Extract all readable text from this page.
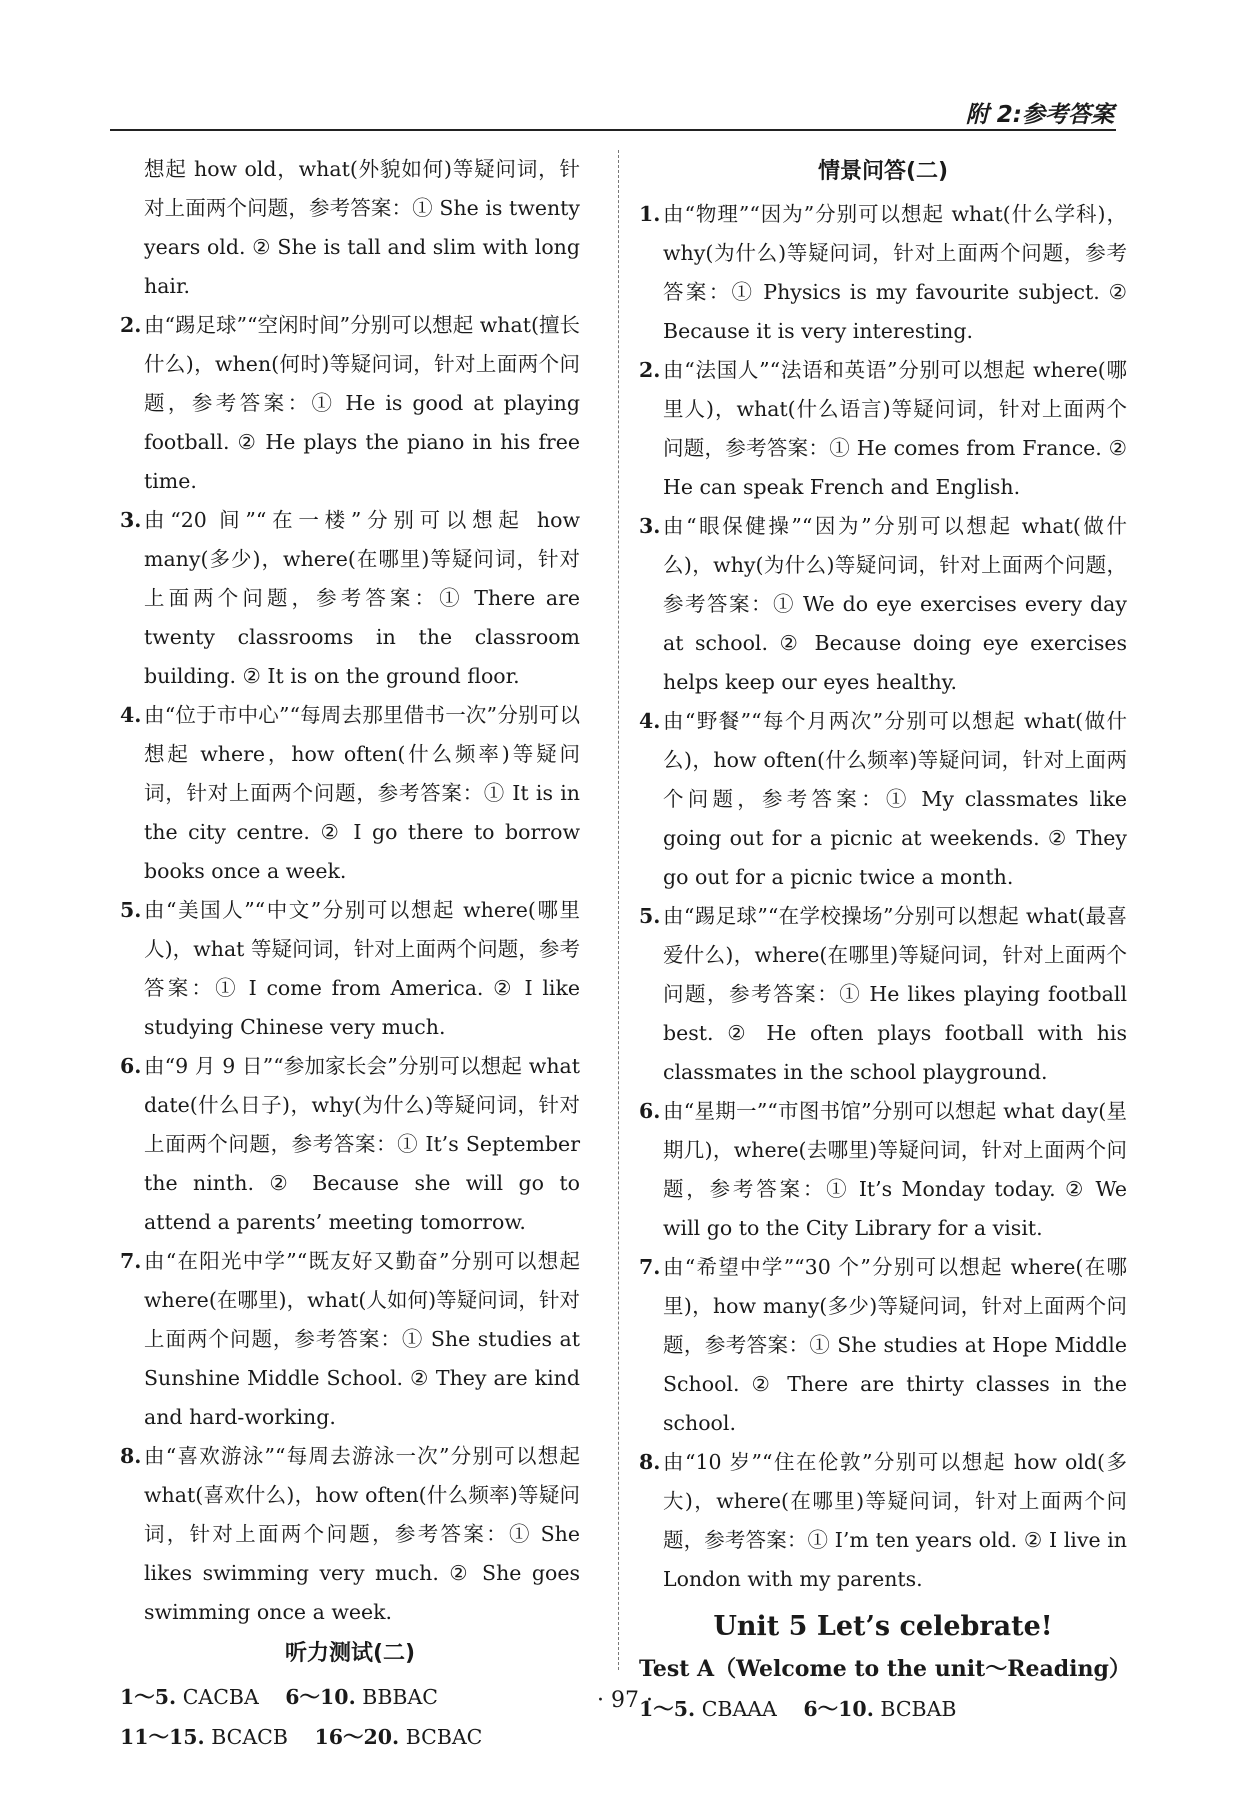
附 2:参考答案
想起 how old，what(外貌如何)等疑问词，针对上面两个问题，参考答案：① She is twenty years old. ② She is tall and slim with long hair.
2. 由“踢足球”“空闲时间”分别可以想起 what(擅长什么)，when(何时)等疑问词，针对上面两个问题，参考答案：① He is good at playing football. ② He plays the piano in his free time.
3. 由“20 间”“在一楼”分别可以想起 how many(多少)，where(在哪里)等疑问词，针对上面两个问题，参考答案：① There are twenty classrooms in the classroom building. ② It is on the ground floor.
4. 由“位于市中心”“每周去那里借书一次”分别可以想起 where，how often(什么频率)等疑问词，针对上面两个问题，参考答案：① It is in the city centre. ② I go there to borrow books once a week.
5. 由“美国人”“中文”分别可以想起 where(哪里人)，what 等疑问词，针对上面两个问题，参考答案：① I come from America. ② I like studying Chinese very much.
6. 由“9 月 9 日”“参加家长会”分别可以想起 what date(什么日子)，why(为什么)等疑问词，针对上面两个问题，参考答案：① It’s September the ninth. ② Because she will go to attend a parents’ meeting tomorrow.
7. 由“在阳光中学”“既友好又勤奋”分别可以想起 where(在哪里)，what(人如何)等疑问词，针对上面两个问题，参考答案：① She studies at Sunshine Middle School. ② They are kind and hard-working.
8. 由“喜欢游泳”“每周去游泳一次”分别可以想起 what(喜欢什么)，how often(什么频率)等疑问词，针对上面两个问题，参考答案：① She likes swimming very much. ② She goes swimming once a week.
听力测试(二)
1～5. CACBA 6～10. BBBAC
11～15. BCACB 16～20. BCBAC
情景问答(二)
1. 由“物理”“因为”分别可以想起 what(什么学科)，why(为什么)等疑问词，针对上面两个问题，参考答案：① Physics is my favourite subject. ② Because it is very interesting.
2. 由“法国人”“法语和英语”分别可以想起 where(哪里人)，what(什么语言)等疑问词，针对上面两个问题，参考答案：① He comes from France. ② He can speak French and English.
3. 由“眼保健操”“因为”分别可以想起 what(做什么)，why(为什么)等疑问词，针对上面两个问题，参考答案：① We do eye exercises every day at school. ② Because doing eye exercises helps keep our eyes healthy.
4. 由“野餐”“每个月两次”分别可以想起 what(做什么)，how often(什么频率)等疑问词，针对上面两个问题，参考答案：① My classmates like going out for a picnic at weekends. ② They go out for a picnic twice a month.
5. 由“踢足球”“在学校操场”分别可以想起 what(最喜爱什么)，where(在哪里)等疑问词，针对上面两个问题，参考答案：① He likes playing football best. ② He often plays football with his classmates in the school playground.
6. 由“星期一”“市图书馆”分别可以想起 what day(星期几)，where(去哪里)等疑问词，针对上面两个问题，参考答案：① It’s Monday today. ② We will go to the City Library for a visit.
7. 由“希望中学”“30 个”分别可以想起 where(在哪里)，how many(多少)等疑问词，针对上面两个问题，参考答案：① She studies at Hope Middle School. ② There are thirty classes in the school.
8. 由“10 岁”“住在伦敦”分别可以想起 how old(多大)，where(在哪里)等疑问词，针对上面两个问题，参考答案：① I’m ten years old. ② I live in London with my parents.
Unit 5 Let’s celebrate!
Test A（Welcome to the unit～Reading）
1～5. CBAAA 6～10. BCBAB
· 97 ·
